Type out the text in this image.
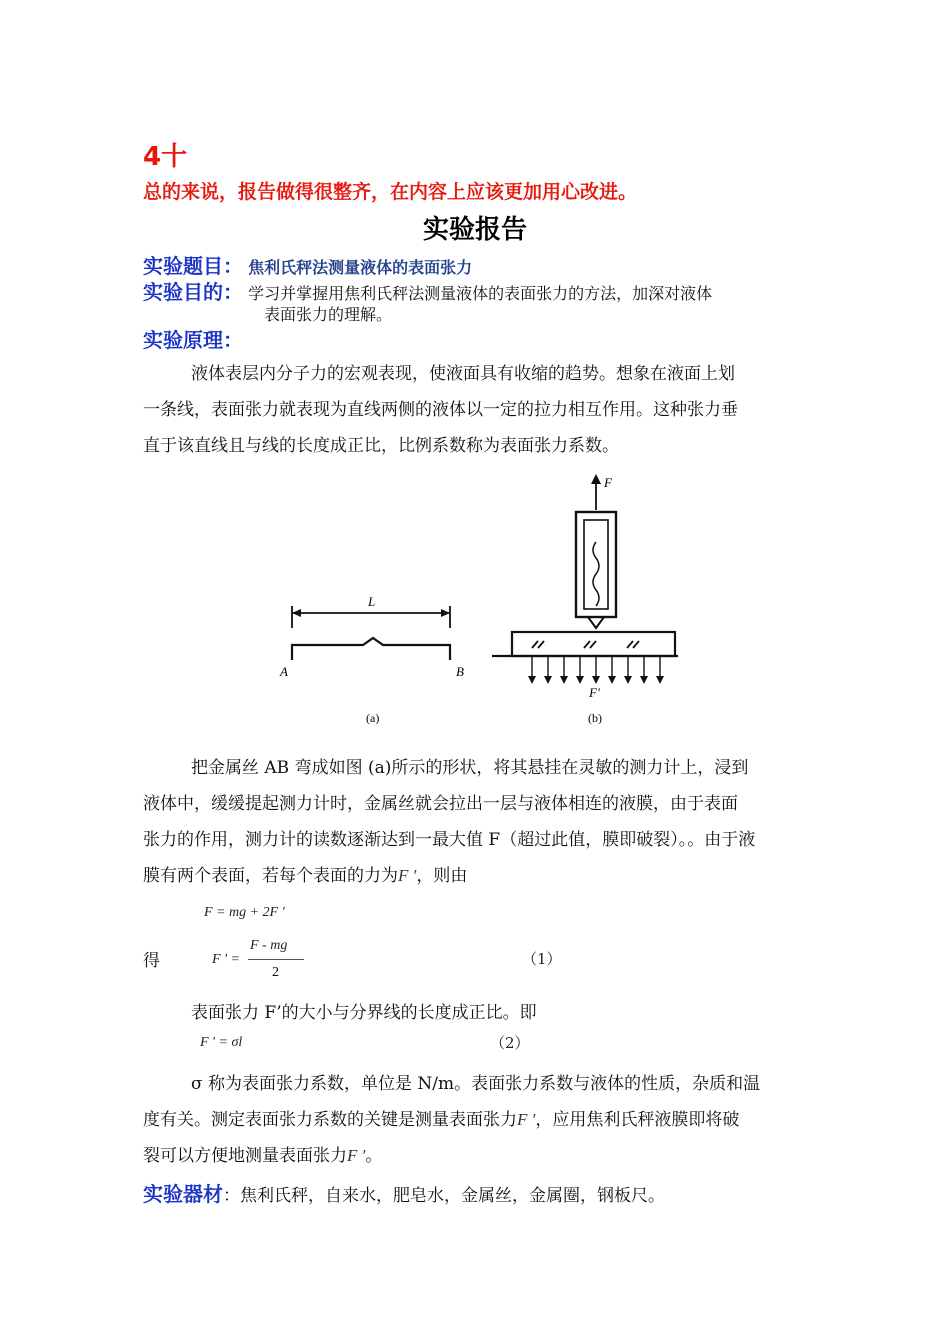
4十
总的来说，报告做得很整齐，在内容上应该更加用心改进。
实验报告
实验题目： 焦利氏秤法测量液体的表面张力
实验目的： 学习并掌握用焦利氏秤法测量液体的表面张力的方法，加深对液体
表面张力的理解。
实验原理：
液体表层内分子力的宏观表现，使液面具有收缩的趋势。想象在液面上划
一条线，表面张力就表现为直线两侧的液体以一定的拉力相互作用。这种张力垂
直于该直线且与线的长度成正比，比例系数称为表面张力系数。
L
A	B
F
F'
(a)	(b)
把金属丝 AB 弯成如图 (a)所示的形状，将其悬挂在灵敏的测力计上，浸到
液体中，缓缓提起测力计时，金属丝就会拉出一层与液体相连的液膜，由于表面
张力的作用，测力计的读数逐渐达到一最大值 F（超过此值，膜即破裂）。。由于液
膜有两个表面，若每个表面的力为F ′，则由
F = mg + 2F '
得	F ' =
F - mg
2
（1）
表面张力 F’的大小与分界线的长度成正比。即
F ' = σl	（2）
σ 称为表面张力系数，单位是 N/m。表面张力系数与液体的性质，杂质和温
度有关。测定表面张力系数的关键是测量表面张力F ′，应用焦利氏秤液膜即将破
裂可以方便地测量表面张力F ′。
实验器材：焦利氏秤，自来水，肥皂水，金属丝，金属圈，钢板尺。
